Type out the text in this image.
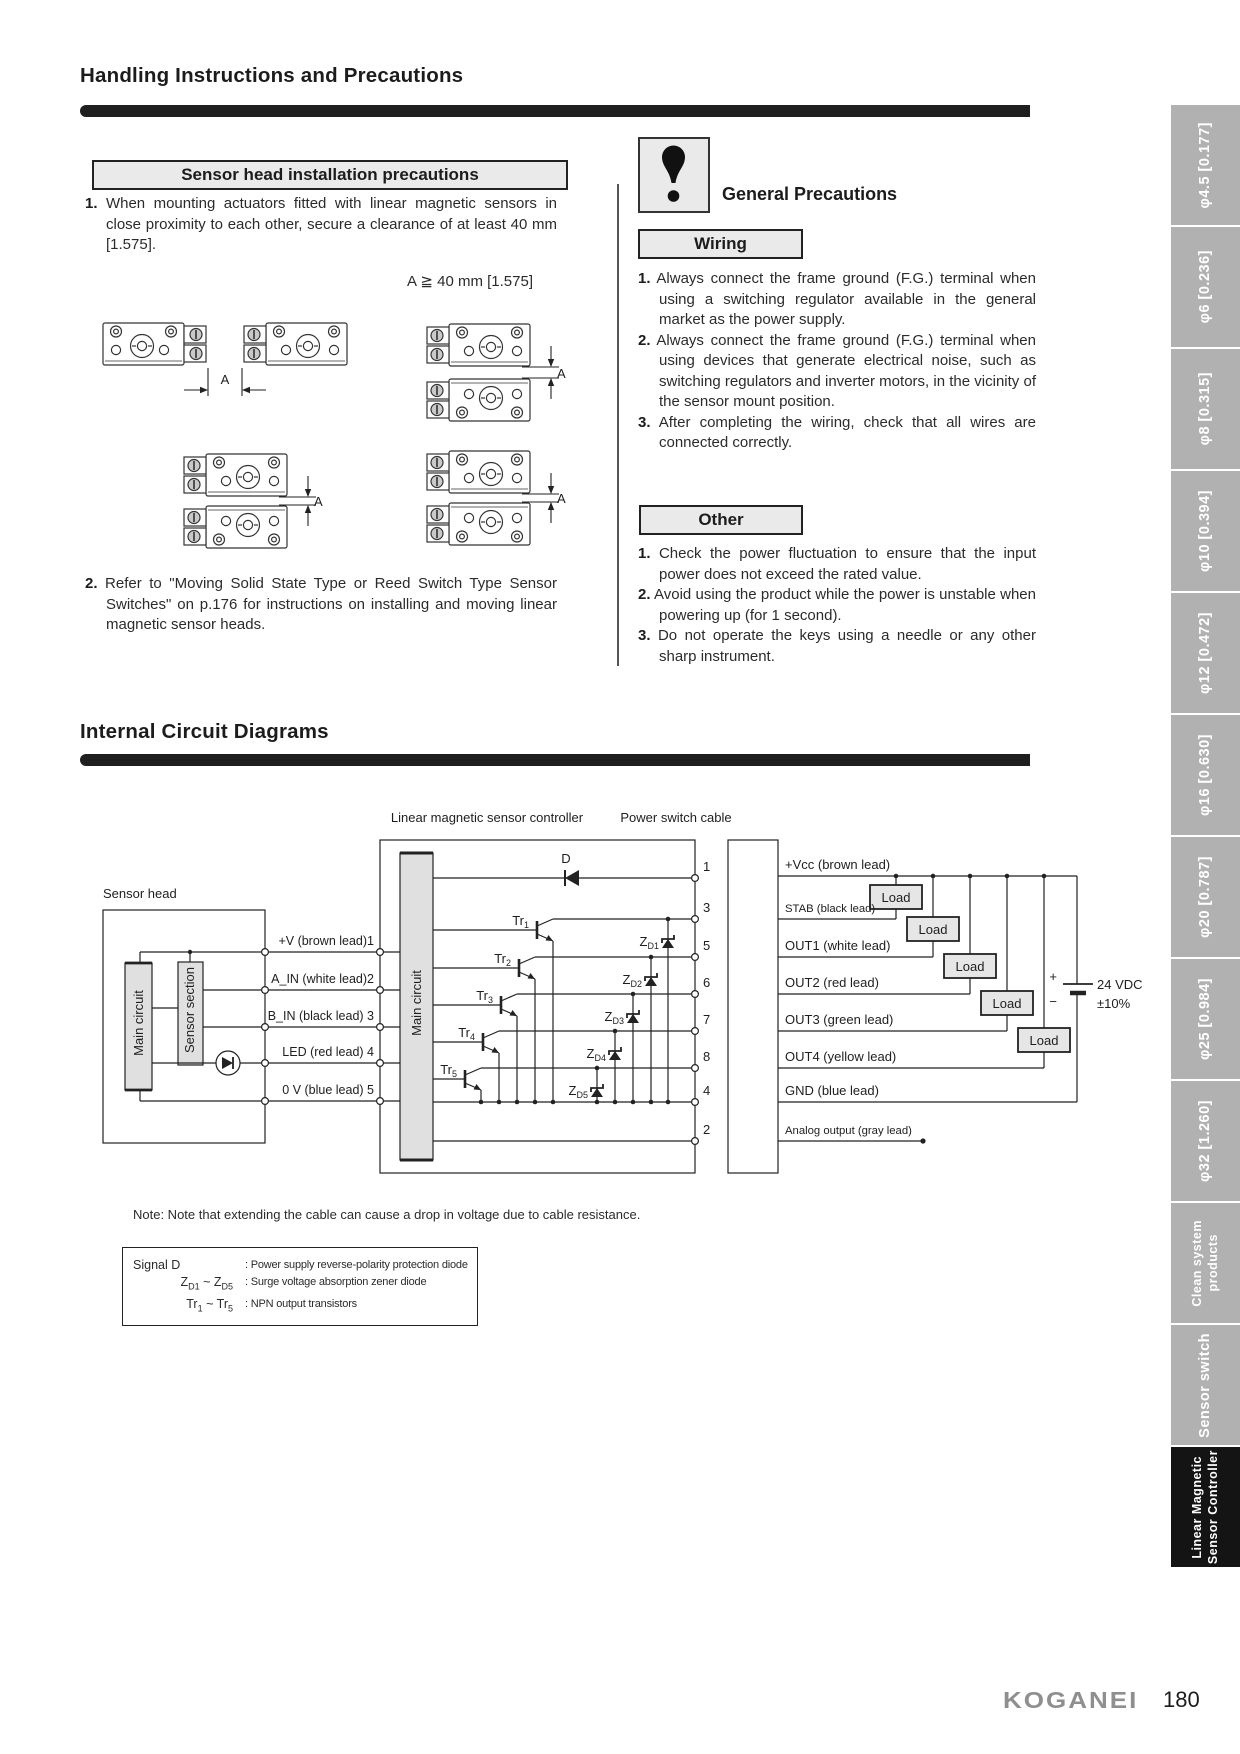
Handling Instructions and Precautions
Sensor head installation precautions
1. When mounting actuators fitted with linear magnetic sensors in close proximity to each other, secure a clearance of at least 40 mm [1.575].
A ≧ 40 mm [1.575]
A	A
A	A
2. Refer to "Moving Solid State Type or Reed Switch Type Sensor Switches" on p.176 for instructions on installing and moving linear magnetic sensor heads.
General Precautions
Wiring
1. Always connect the frame ground (F.G.) terminal when using a switching regulator available in the general market as the power supply.
2. Always connect the frame ground (F.G.) terminal when using devices that generate electrical noise, such as switching regulators and inverter motors, in the vicinity of the sensor mount position.
3. After completing the wiring, check that all wires are connected correctly.
Other
1. Check the power fluctuation to ensure that the input power does not exceed the rated value.
2. Avoid using the product while the power is unstable when powering up (for 1 second).
3. Do not operate the keys using a needle or any other sharp instrument.
Internal Circuit Diagrams
$Tr_1$
$Tr_2$
$Tr_3$
$Tr_4$
$Tr_5$
$Z_{D1}$
$Z_{D2}$
$Z_{D3}$
$Z_{D4}$
$Z_{D5}$
Load
Load
Load
Load
Load
Sensor head
Linear magnetic sensor controller	Power switch cable
Main circuit	Sensor section	Main circuit
D
+V (brown lead)1
A_IN (white lead)2
B_IN (black lead) 3
LED (red lead) 4
0 V (blue lead) 5
1
3
5
6
7
8
4
2
+Vcc (brown lead)
STAB (black lead)
OUT1 (white lead)
OUT2 (red lead)
OUT3 (green lead)
OUT4 (yellow lead)
GND (blue lead)
Analog output (gray lead)
+
−
24 VDC
±10%
Note: Note that extending the cable can cause a drop in voltage due to cable resistance.
Signal D	: Power supply reverse-polarity protection diode
$Z_{D1}$ ~ $Z_{D5}$	: Surge voltage absorption zener diode
$Tr_1$ ~ $Tr_5$	: NPN output transistors
φ4.5 [0.177]
φ6 [0.236]
φ8 [0.315]
φ10 [0.394]
φ12 [0.472]
φ16 [0.630]
φ20 [0.787]
φ25 [0.984]
φ32 [1.260]
Clean system products
Sensor switch
Linear Magnetic Sensor Controller
KOGANEI 180
